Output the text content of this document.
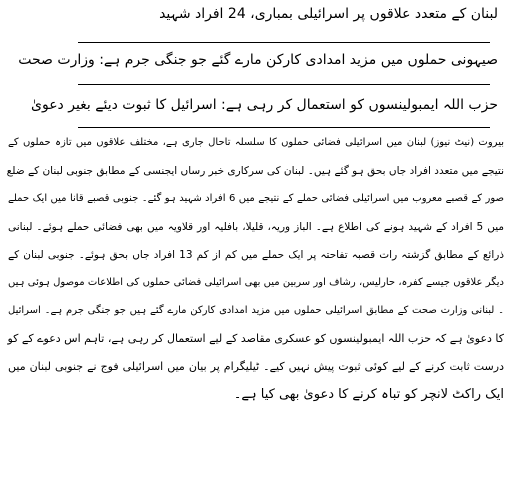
لبنان کے متعدد علاقوں پر اسرائیلی بمباری، 24 افراد شہید
صیہونی حملوں میں مزید امدادی کارکن مارے گئے جو جنگی جرم ہے: وزارت صحت
حزب اللہ ایمبولینسوں کو استعمال کر رہی ہے: اسرائیل کا ثبوت دیئے بغیر دعویٰ
بیروت (نیٹ نیوز) لبنان میں اسرائیلی فضائی حملوں کا سلسلہ تاحال جاری ہے، مختلف علاقوں میں تازہ حملوں کے
نتیجے میں متعدد افراد جاں بحق ہو گئے ہیں۔ لبنان کی سرکاری خبر رساں ایجنسی کے مطابق جنوبی لبنان کے ضلع
صور کے قصبے معروب میں اسرائیلی فضائی حملے کے نتیجے میں 6 افراد شہید ہو گئے۔ جنوبی قصبے قانا میں ایک حملے
میں 5 افراد کے شہید ہونے کی اطلاع ہے۔ الباز وریہ، قلیلا، بافلیہ اور قلاویہ میں بھی فضائی حملے ہوئے۔ لبنانی
ذرائع کے مطابق گزشتہ رات قصبہ تفاحتہ پر ایک حملے میں کم از کم 13 افراد جاں بحق ہوئے۔ جنوبی لبنان کے
دیگر علاقوں جیسے کفرہ، حارلیس، رشاف اور سربین میں بھی اسرائیلی فضائی حملوں کی اطلاعات موصول ہوئی ہیں
۔ لبنانی وزارت صحت کے مطابق اسرائیلی حملوں میں مزید امدادی کارکن مارے گئے ہیں جو جنگی جرم ہے۔ اسرائیل
کا دعویٰ ہے کہ حزب اللہ ایمبولینسوں کو عسکری مقاصد کے لیے استعمال کر رہی ہے، تاہم اس دعوے کے کو
درست ثابت کرنے کے لیے کوئی ثبوت پیش نہیں کیے۔ ٹیلیگرام پر بیان میں اسرائیلی فوج نے جنوبی لبنان میں
ایک راکٹ لانچر کو تباہ کرنے کا دعویٰ بھی کیا ہے۔
